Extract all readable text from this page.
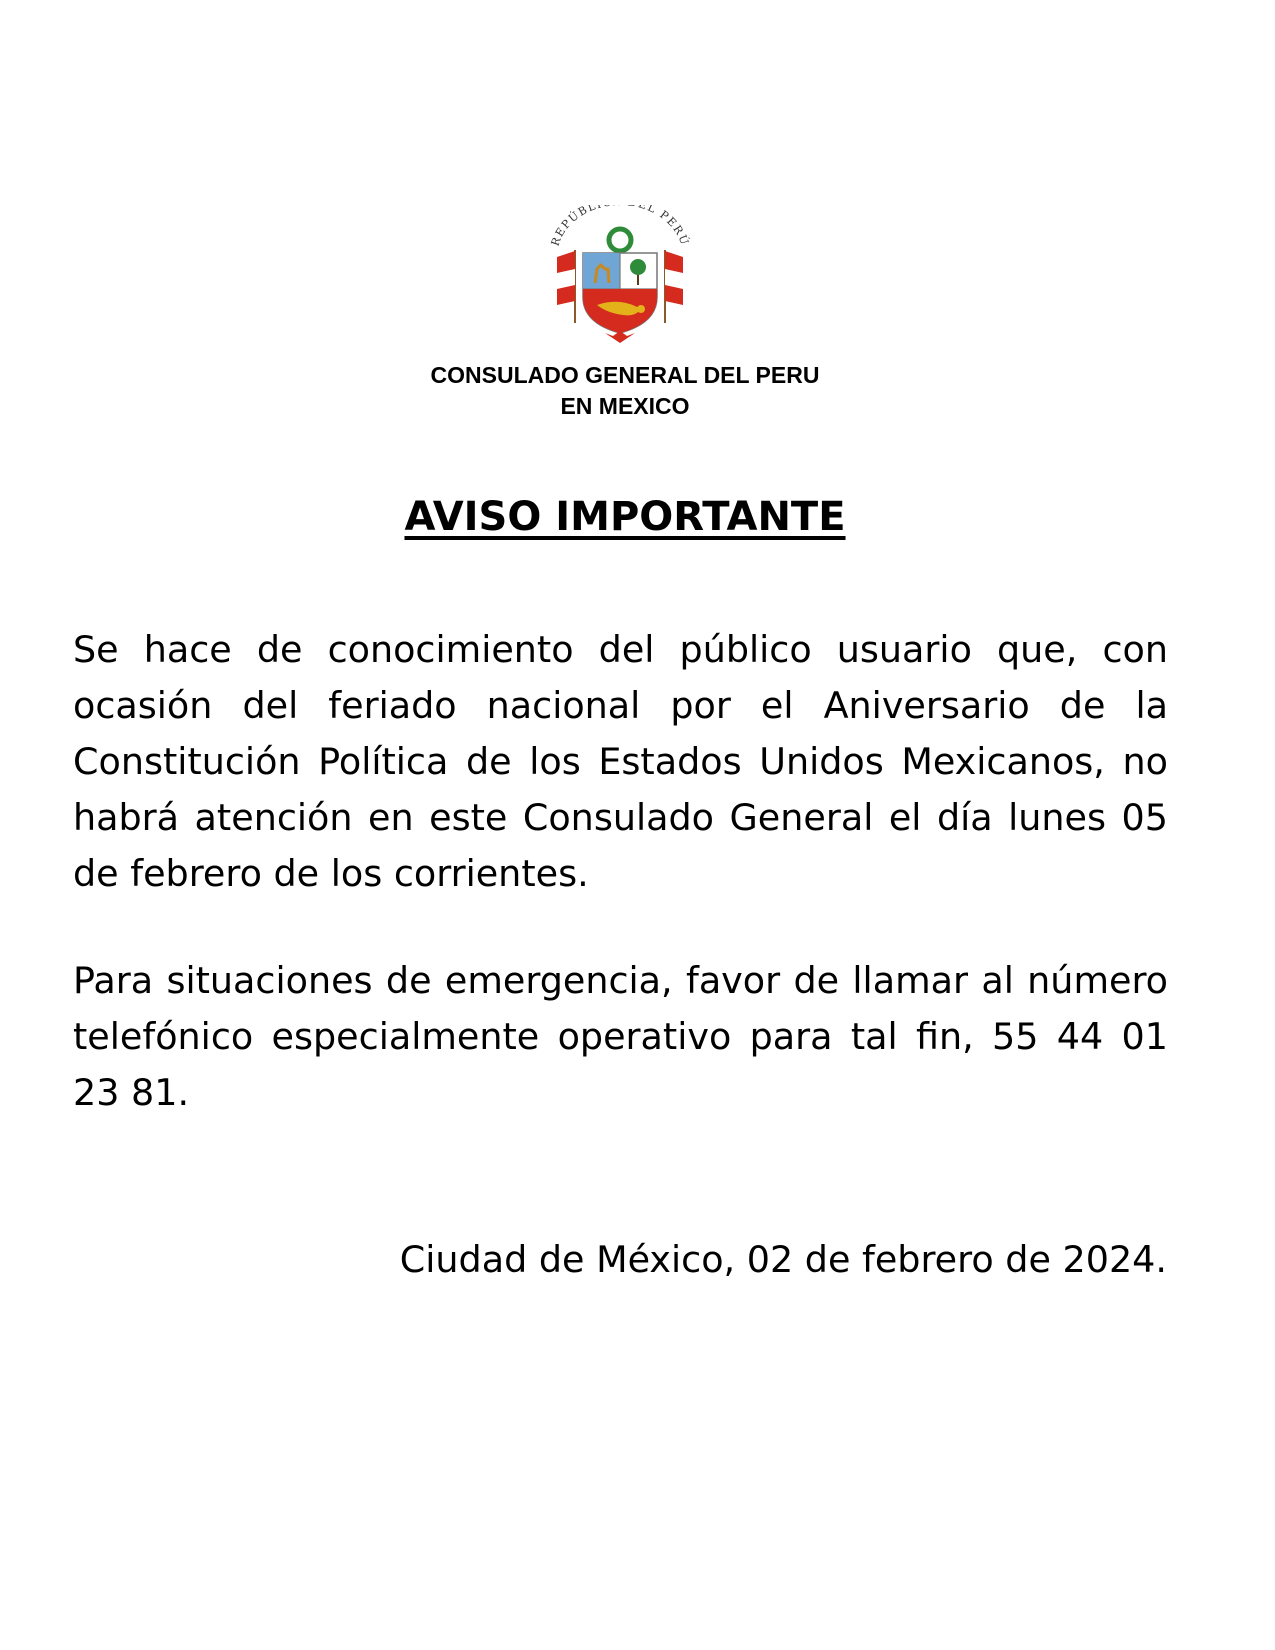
REPÚBL L PERÚ
CONSULADO GENERAL DEL PERU
EN MEXICO
AVISO IMPORTANTE

Se hace de conocimiento del público usuario que, con ocasión del feriado nacional por el Aniversario de la Constitución Política de los Estados Unidos Mexicanos, no habrá atención en este Consulado General el día lunes 05 de febrero de los corrientes.

Para situaciones de emergencia, favor de llamar al número telefónico especialmente operativo para tal fin, 55 44 01 23 81.

Ciudad de México, 02 de febrero de 2024.
